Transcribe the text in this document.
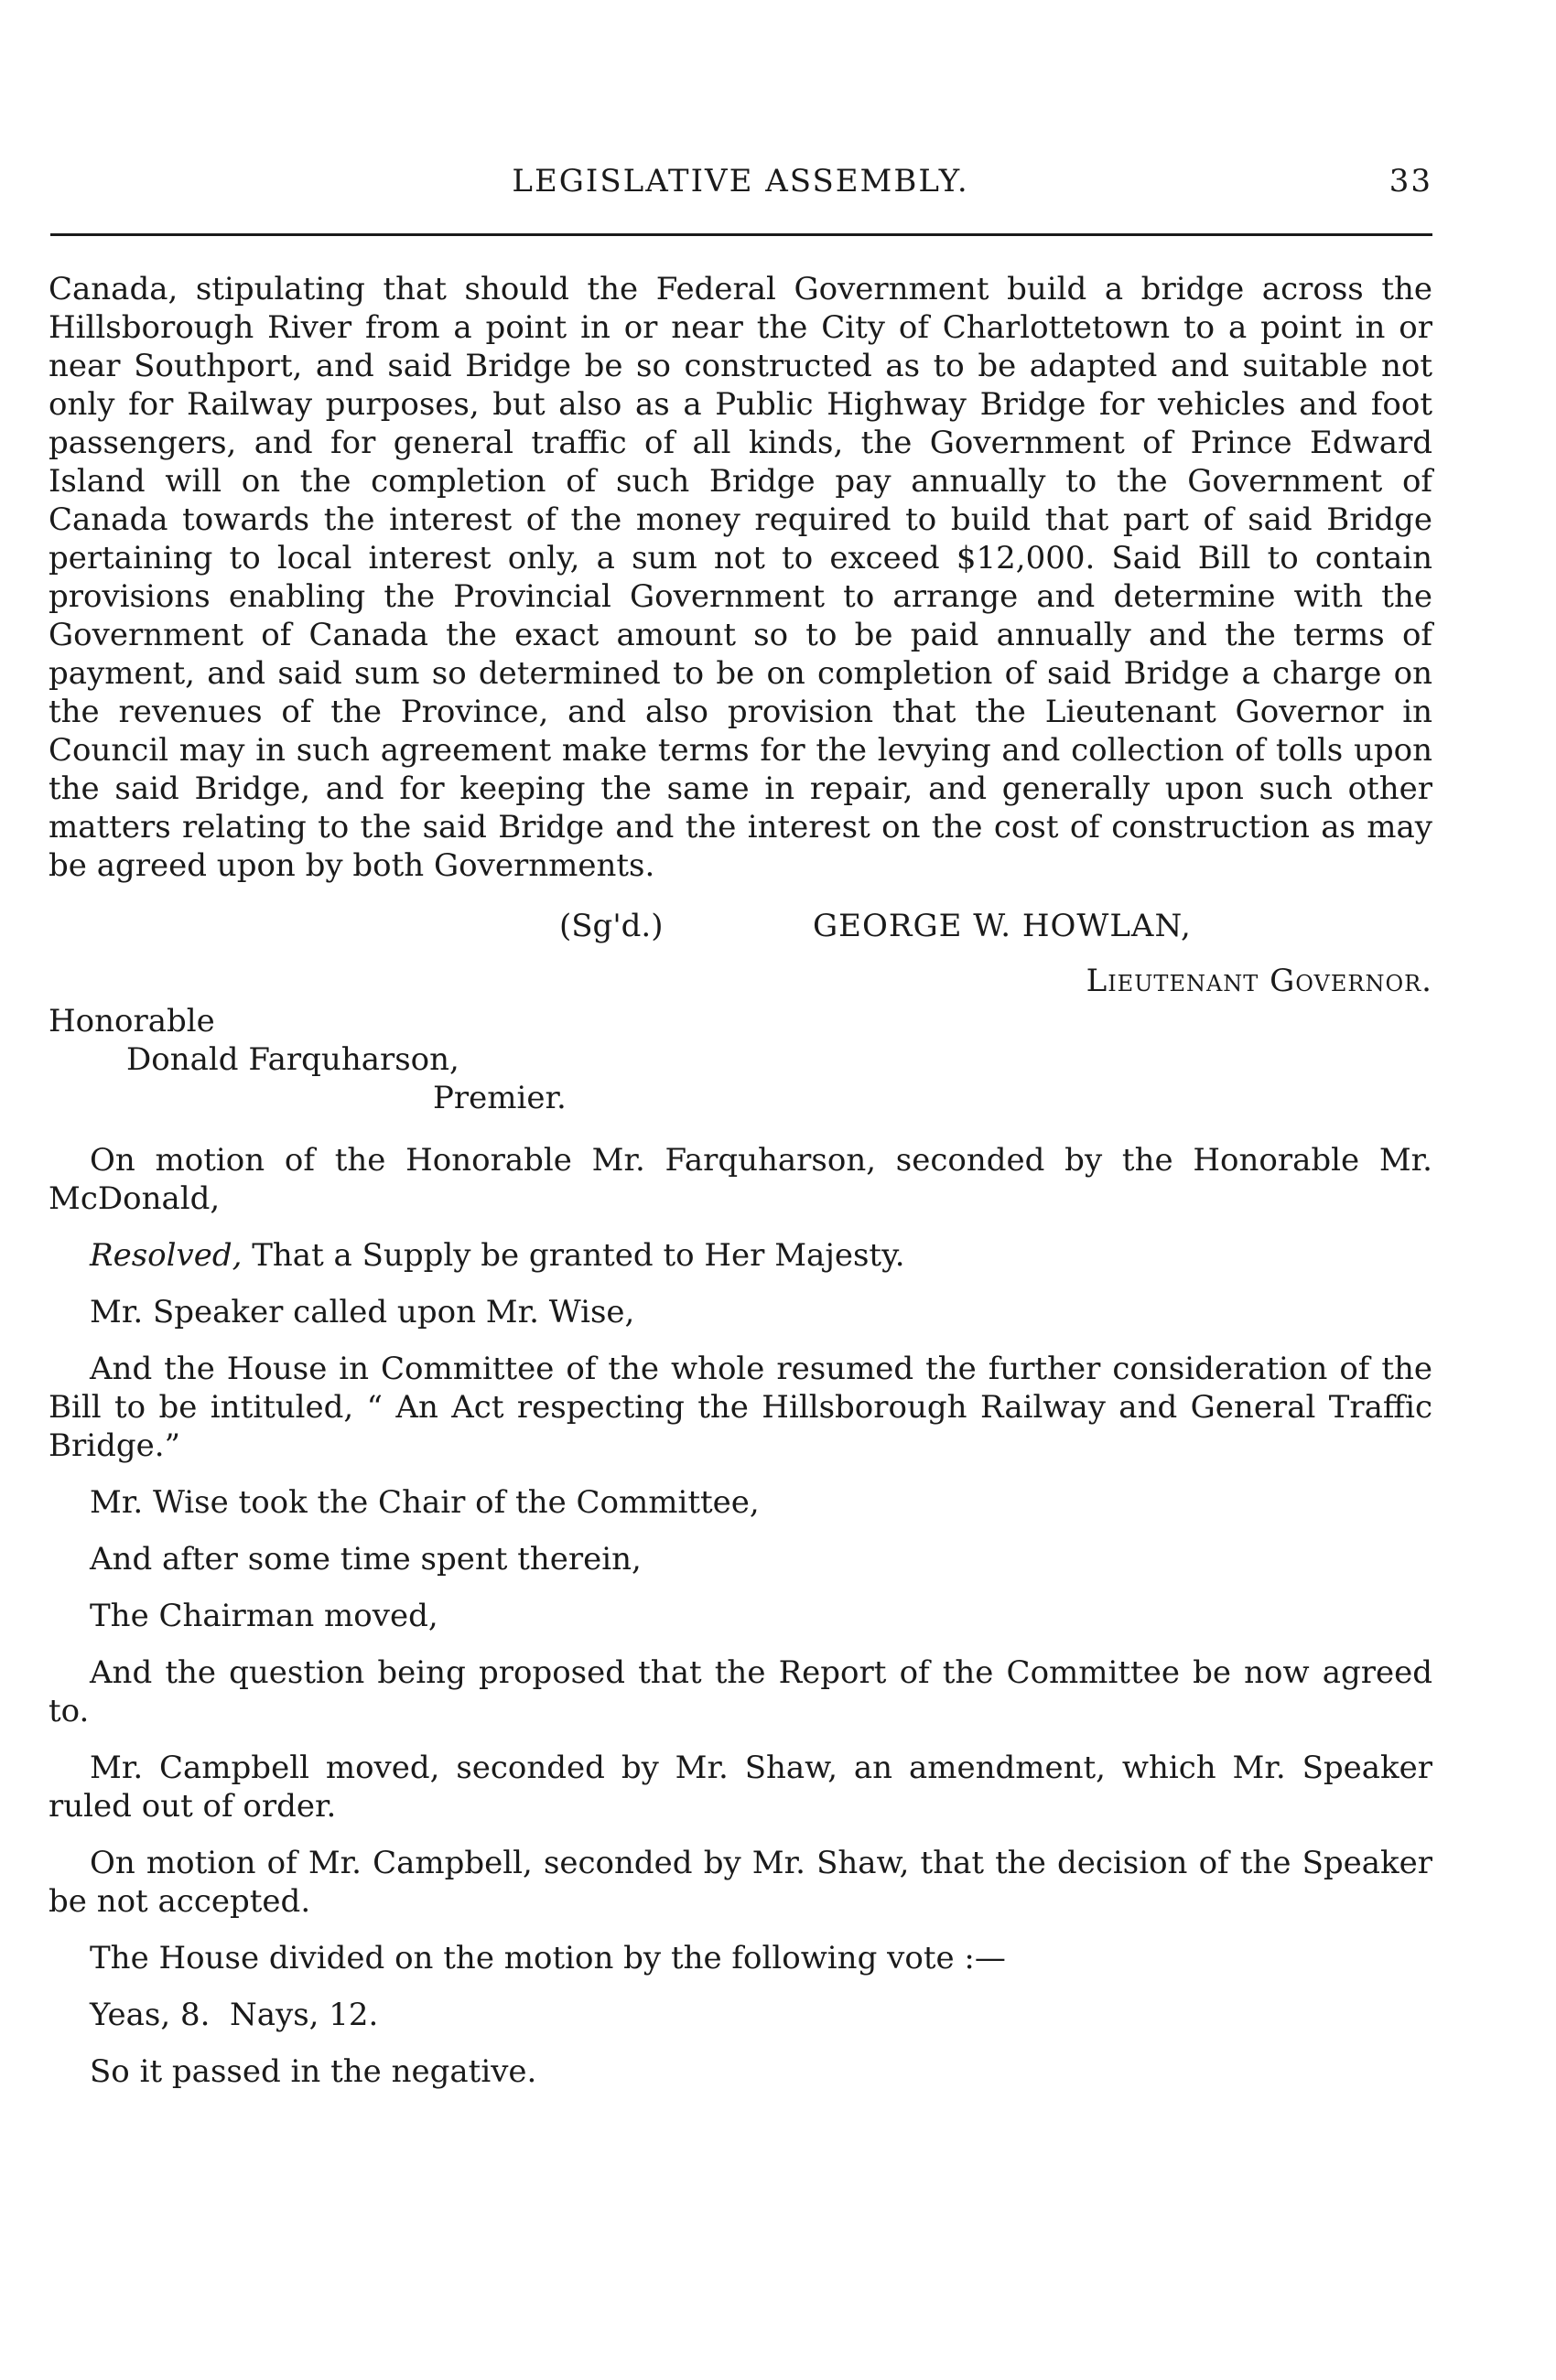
LEGISLATIVE ASSEMBLY.	33

Canada, stipulating that should the Federal Government build a bridge across the Hillsborough River from a point in or near the City of Charlottetown to a point in or near Southport, and said Bridge be so constructed as to be adapted and suitable not only for Railway purposes, but also as a Public Highway Bridge for vehicles and foot passengers, and for general traffic of all kinds, the Government of Prince Edward Island will on the completion of such Bridge pay annually to the Government of Canada towards the interest of the money required to build that part of said Bridge pertaining to local interest only, a sum not to exceed $12,000. Said Bill to contain provisions enabling the Provincial Government to arrange and determine with the Government of Canada the exact amount so to be paid annually and the terms of payment, and said sum so determined to be on completion of said Bridge a charge on the revenues of the Province, and also provision that the Lieutenant Governor in Council may in such agreement make terms for the levying and collection of tolls upon the said Bridge, and for keeping the same in repair, and generally upon such other matters relating to the said Bridge and the interest on the cost of construction as may be agreed upon by both Governments.

(Sg'd.)	GEORGE W. HOWLAN,
Lieutenant Governor.
Honorable
Donald Farquharson,
Premier.

On motion of the Honorable Mr. Farquharson, seconded by the Honorable Mr. McDonald,

Resolved, That a Supply be granted to Her Majesty.

Mr. Speaker called upon Mr. Wise,

And the House in Committee of the whole resumed the further consideration of the Bill to be intituled, “ An Act respecting the Hillsborough Railway and General Traffic Bridge.”

Mr. Wise took the Chair of the Committee,

And after some time spent therein,

The Chairman moved,

And the question being proposed that the Report of the Committee be now agreed to.

Mr. Campbell moved, seconded by Mr. Shaw, an amendment, which Mr. Speaker ruled out of order.

On motion of Mr. Campbell, seconded by Mr. Shaw, that the decision of the Speaker be not accepted.

The House divided on the motion by the following vote :—

Yeas, 8.  Nays, 12.

So it passed in the negative.
